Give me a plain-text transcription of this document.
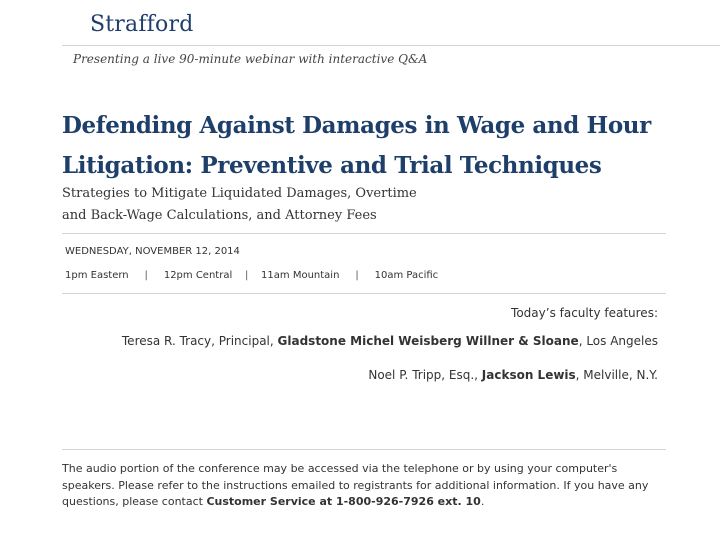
Strafford
Presenting a live 90-minute webinar with interactive Q&A
Defending Against Damages in Wage and Hour
Litigation: Preventive and Trial Techniques
Strategies to Mitigate Liquidated Damages, Overtime
and Back-Wage Calculations, and Attorney Fees
WEDNESDAY, NOVEMBER 12, 2014
1pm Eastern | 12pm Central | 11am Mountain | 10am Pacific
Today’s faculty features:
Teresa R. Tracy, Principal, Gladstone Michel Weisberg Willner & Sloane, Los Angeles
Noel P. Tripp, Esq., Jackson Lewis, Melville, N.Y.
The audio portion of the conference may be accessed via the telephone or by using your computer's speakers. Please refer to the instructions emailed to registrants for additional information. If you have any questions, please contact Customer Service at 1-800-926-7926 ext. 10.
